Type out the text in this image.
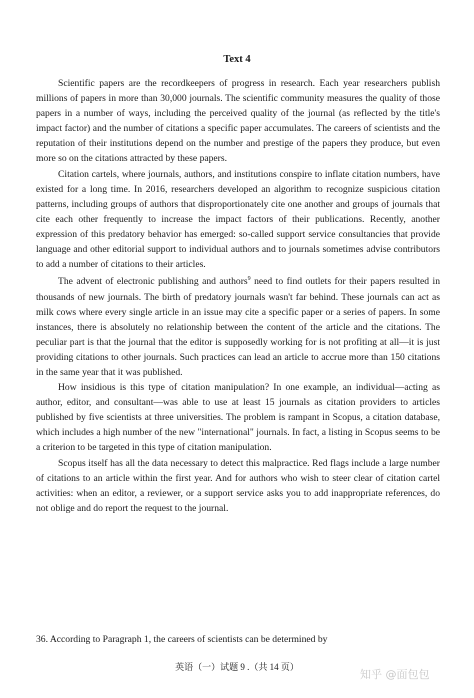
Text 4

Scientific papers are the recordkeepers of progress in research. Each year researchers publish millions of papers in more than 30,000 journals. The scientific community measures the quality of those papers in a number of ways, including the perceived quality of the journal (as reflected by the title's impact factor) and the number of citations a specific paper accumulates. The careers of scientists and the reputation of their institutions depend on the number and prestige of the papers they produce, but even more so on the citations attracted by these papers.

Citation cartels, where journals, authors, and institutions conspire to inflate citation numbers, have existed for a long time. In 2016, researchers developed an algorithm to recognize suspicious citation patterns, including groups of authors that disproportionately cite one another and groups of journals that cite each other frequently to increase the impact factors of their publications. Recently, another expression of this predatory behavior has emerged: so-called support service consultancies that provide language and other editorial support to individual authors and to journals sometimes advise contributors to add a number of citations to their articles.

The advent of electronic publishing and authors$^9$ need to find outlets for their papers resulted in thousands of new journals. The birth of predatory journals wasn't far behind. These journals can act as milk cows where every single article in an issue may cite a specific paper or a series of papers. In some instances, there is absolutely no relationship between the content of the article and the citations. The peculiar part is that the journal that the editor is supposedly working for is not profiting at all—it is just providing citations to other journals. Such practices can lead an article to accrue more than 150 citations in the same year that it was published.

How insidious is this type of citation manipulation? In one example, an individual—acting as author, editor, and consultant—was able to use at least 15 journals as citation providers to articles published by five scientists at three universities. The problem is rampant in Scopus, a citation database, which includes a high number of the new "international" journals. In fact, a listing in Scopus seems to be a criterion to be targeted in this type of citation manipulation.

Scopus itself has all the data necessary to detect this malpractice. Red flags include a large number of citations to an article within the first year. And for authors who wish to steer clear of citation cartel activities: when an editor, a reviewer, or a support service asks you to add inappropriate references, do not oblige and do report the request to the journal.

36. According to Paragraph 1, the careers of scientists can be determined by
英语（一）试题 9 .（共 14 页）
知乎 @面包包
